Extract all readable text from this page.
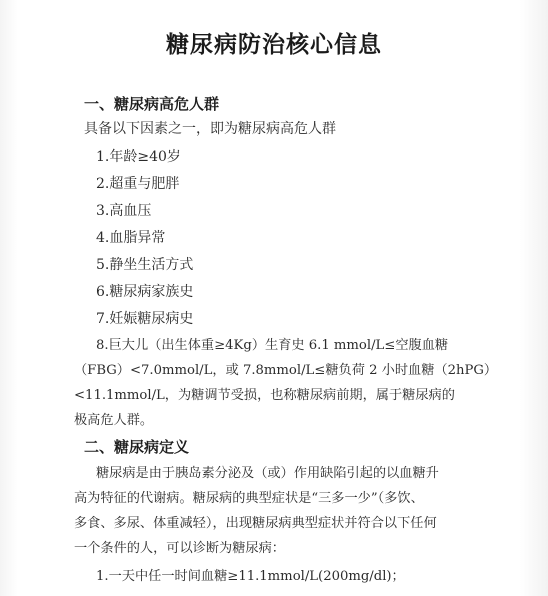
糖尿病防治核心信息
一、糖尿病高危人群
具备以下因素之一，即为糖尿病高危人群
1.年龄≥40岁
2.超重与肥胖
3.高血压
4.血脂异常
5.静坐生活方式
6.糖尿病家族史
7.妊娠糖尿病史
8.巨大儿（出生体重≥4Kg）生育史 6.1 mmol/L≤空腹血糖
（FBG）<7.0mmol/L，或 7.8mmol/L≤糖负荷 2 小时血糖（2hPG）
<11.1mmol/L，为糖调节受损，也称糖尿病前期，属于糖尿病的
极高危人群。
二、糖尿病定义
糖尿病是由于胰岛素分泌及（或）作用缺陷引起的以血糖升
高为特征的代谢病。糖尿病的典型症状是“三多一少”（多饮、
多食、多尿、体重减轻），出现糖尿病典型症状并符合以下任何
一个条件的人，可以诊断为糖尿病：
1.一天中任一时间血糖≥11.1mmol/L(200mg/dl)；
